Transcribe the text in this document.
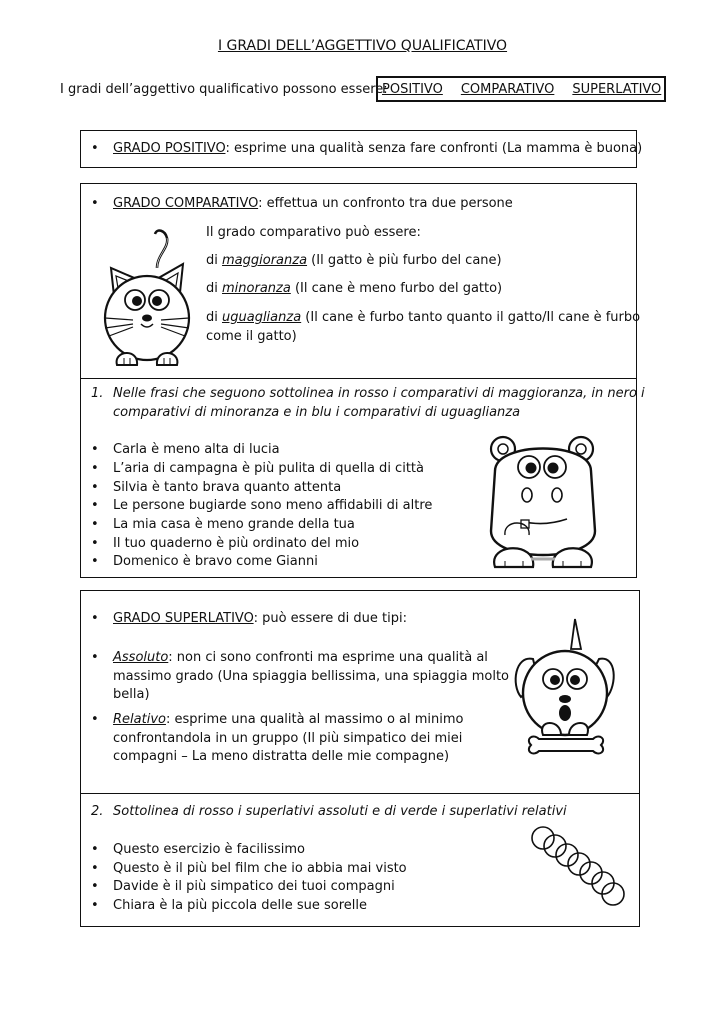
I GRADI DELL’AGGETTIVO QUALIFICATIVO
I gradi dell’aggettivo qualificativo possono essere:
POSITIVO COMPARATIVO SUPERLATIVO
• GRADO POSITIVO: esprime una qualità senza fare confronti (La mamma è buona)
• GRADO COMPARATIVO: effettua un confronto tra due persone
Il grado comparativo può essere:
di maggioranza (Il gatto è più furbo del cane)
di minoranza (Il cane è meno furbo del gatto)
di uguaglianza (Il cane è furbo tanto quanto il gatto/Il cane è furbo
come il gatto)
1. Nelle frasi che seguono sottolinea in rosso i comparativi di maggioranza, in nero i
comparativi di minoranza e in blu i comparativi di uguaglianza
• Carla è meno alta di lucia
• L’aria di campagna è più pulita di quella di città
• Silvia è tanto brava quanto attenta
• Le persone bugiarde sono meno affidabili di altre
• La mia casa è meno grande della tua
• Il tuo quaderno è più ordinato del mio
• Domenico è bravo come Gianni
• GRADO SUPERLATIVO: può essere di due tipi:
• Assoluto: non ci sono confronti ma esprime una qualità al
massimo grado (Una spiaggia bellissima, una spiaggia molto
bella)
• Relativo: esprime una qualità al massimo o al minimo
confrontandola in un gruppo (Il più simpatico dei miei
compagni – La meno distratta delle mie compagne)
2. Sottolinea di rosso i superlativi assoluti e di verde i superlativi relativi
• Questo esercizio è facilissimo
• Questo è il più bel film che io abbia mai visto
• Davide è il più simpatico dei tuoi compagni
• Chiara è la più piccola delle sue sorelle
